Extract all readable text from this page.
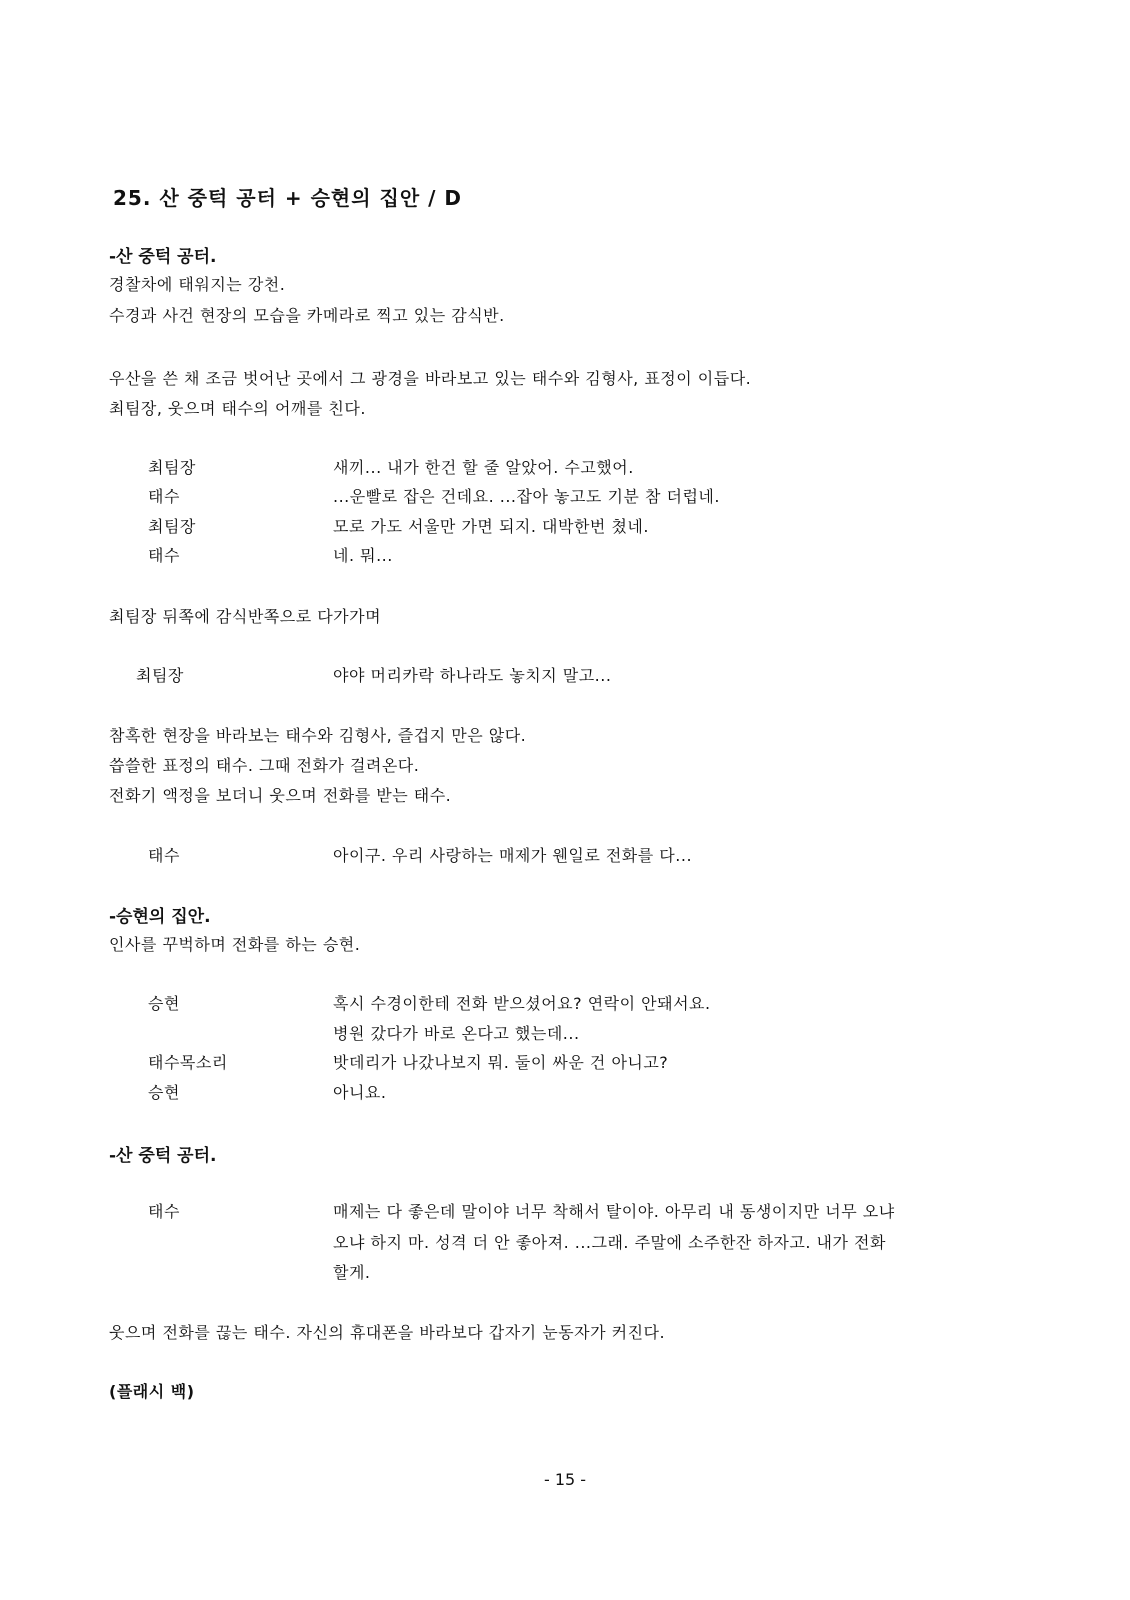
25. 산 중턱 공터 + 승현의 집안 / D
-산 중턱 공터.
경찰차에 태워지는 강천.
수경과 사건 현장의 모습을 카메라로 찍고 있는 감식반.
우산을 쓴 채 조금 벗어난 곳에서 그 광경을 바라보고 있는 태수와 김형사, 표정이 이듭다.
최팀장, 웃으며 태수의 어깨를 친다.
최팀장	새끼... 내가 한건 할 줄 알았어. 수고했어.
태수	...운빨로 잡은 건데요. ...잡아 놓고도 기분 참 더럽네.
최팀장	모로 가도 서울만 가면 되지. 대박한번 쳤네.
태수	네. 뭐...
최팀장 뒤쪽에 감식반쪽으로 다가가며
최팀장	야야 머리카락 하나라도 놓치지 말고...
참혹한 현장을 바라보는 태수와 김형사, 즐겁지 만은 않다.
씁쓸한 표정의 태수. 그때 전화가 걸려온다.
전화기 액정을 보더니 웃으며 전화를 받는 태수.
태수	아이구. 우리 사랑하는 매제가 웬일로 전화를 다...
-승현의 집안.
인사를 꾸벅하며 전화를 하는 승현.
승현	혹시 수경이한테 전화 받으셨어요? 연락이 안돼서요.
병원 갔다가 바로 온다고 했는데...
태수목소리	밧데리가 나갔나보지 뭐. 둘이 싸운 건 아니고?
승현	아니요.
-산 중턱 공터.
태수	매제는 다 좋은데 말이야 너무 착해서 탈이야. 아무리 내 동생이지만 너무 오냐
오냐 하지 마. 성격 더 안 좋아져. ...그래. 주말에 소주한잔 하자고. 내가 전화
할게.
웃으며 전화를 끊는 태수. 자신의 휴대폰을 바라보다 갑자기 눈동자가 커진다.
(플래시 백)
- 15 -
